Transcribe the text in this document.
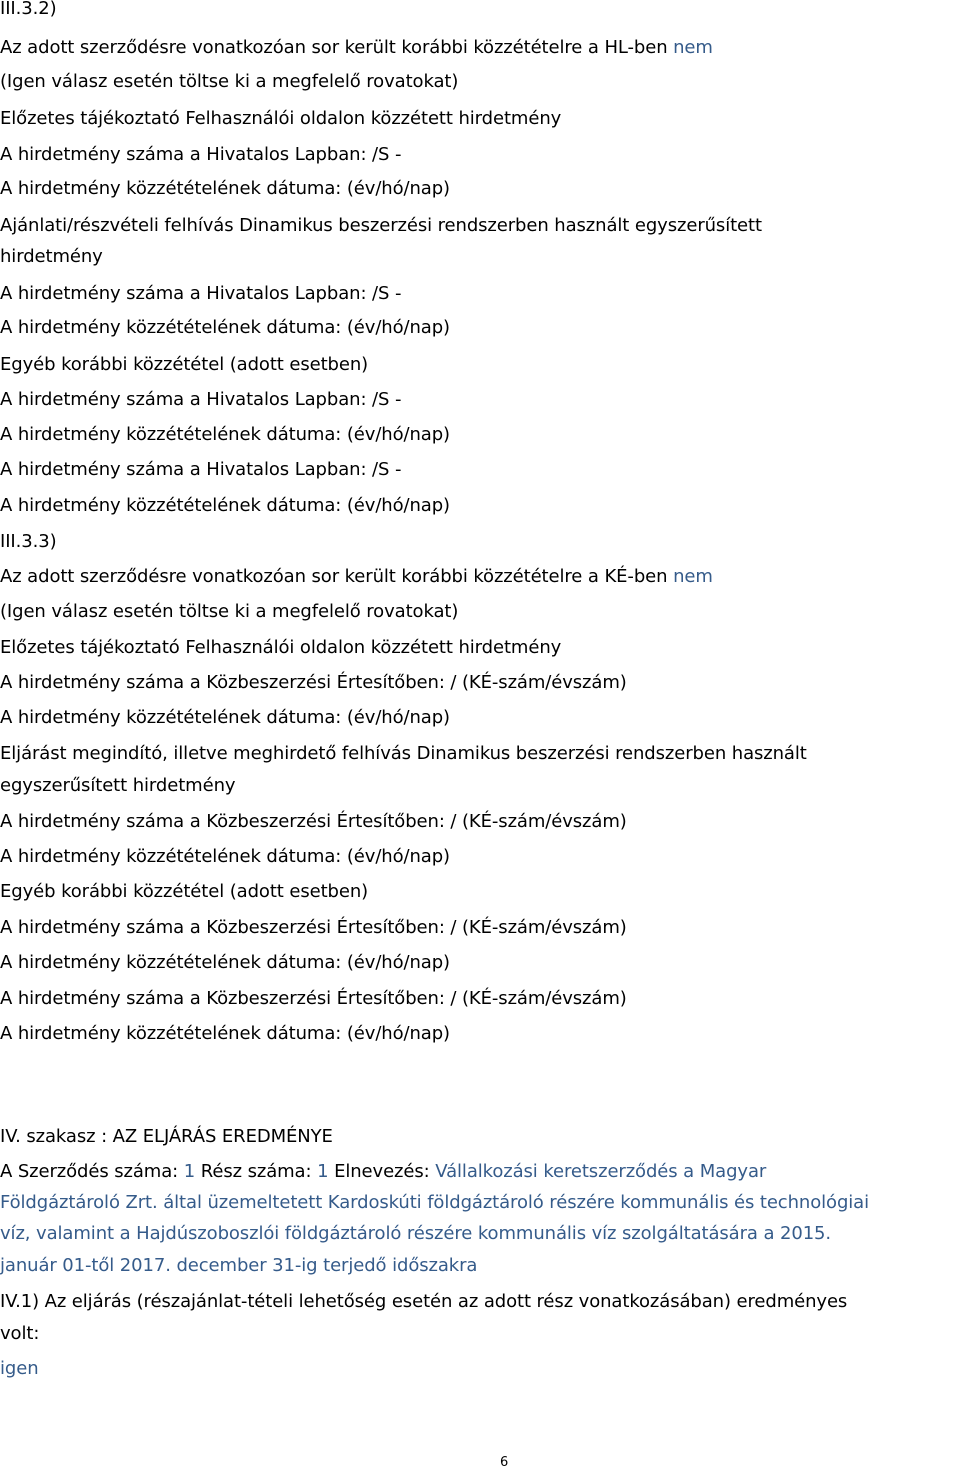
III.3.2)
Az adott szerződésre vonatkozóan sor került korábbi közzétételre a HL-ben nem
(Igen válasz esetén töltse ki a megfelelő rovatokat)
Előzetes tájékoztató Felhasználói oldalon közzétett hirdetmény
A hirdetmény száma a Hivatalos Lapban: /S -
A hirdetmény közzétételének dátuma: (év/hó/nap)
Ajánlati/részvételi felhívás Dinamikus beszerzési rendszerben használt egyszerűsített
hirdetmény
A hirdetmény száma a Hivatalos Lapban: /S -
A hirdetmény közzétételének dátuma: (év/hó/nap)
Egyéb korábbi közzététel (adott esetben)
A hirdetmény száma a Hivatalos Lapban: /S -
A hirdetmény közzétételének dátuma: (év/hó/nap)
A hirdetmény száma a Hivatalos Lapban: /S -
A hirdetmény közzétételének dátuma: (év/hó/nap)
III.3.3)
Az adott szerződésre vonatkozóan sor került korábbi közzétételre a KÉ-ben nem
(Igen válasz esetén töltse ki a megfelelő rovatokat)
Előzetes tájékoztató Felhasználói oldalon közzétett hirdetmény
A hirdetmény száma a Közbeszerzési Értesítőben: / (KÉ-szám/évszám)
A hirdetmény közzétételének dátuma: (év/hó/nap)
Eljárást megindító, illetve meghirdető felhívás Dinamikus beszerzési rendszerben használt
egyszerűsített hirdetmény
A hirdetmény száma a Közbeszerzési Értesítőben: / (KÉ-szám/évszám)
A hirdetmény közzétételének dátuma: (év/hó/nap)
Egyéb korábbi közzététel (adott esetben)
A hirdetmény száma a Közbeszerzési Értesítőben: / (KÉ-szám/évszám)
A hirdetmény közzétételének dátuma: (év/hó/nap)
A hirdetmény száma a Közbeszerzési Értesítőben: / (KÉ-szám/évszám)
A hirdetmény közzétételének dátuma: (év/hó/nap)
IV. szakasz : AZ ELJÁRÁS EREDMÉNYE
A Szerződés száma: 1 Rész száma: 1 Elnevezés: Vállalkozási keretszerződés a Magyar
Földgáztároló Zrt. által üzemeltetett Kardoskúti földgáztároló részére kommunális és technológiai
víz, valamint a Hajdúszoboszlói földgáztároló részére kommunális víz szolgáltatására a 2015.
január 01-től 2017. december 31-ig terjedő időszakra
IV.1) Az eljárás (részajánlat-tételi lehetőség esetén az adott rész vonatkozásában) eredményes
volt:
igen
6
